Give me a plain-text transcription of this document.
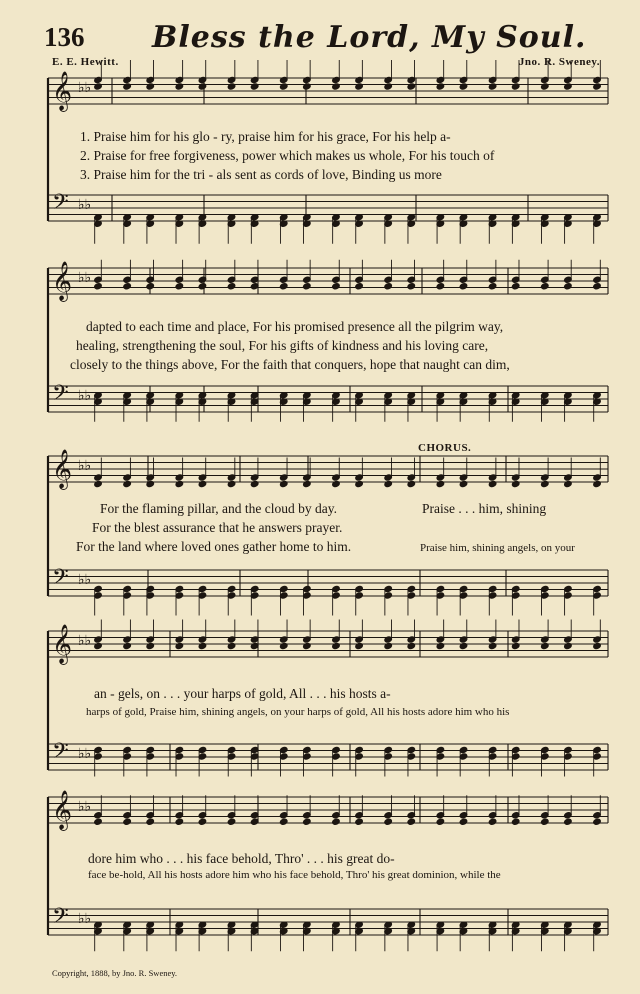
𝄞 ♭♭
𝄢 ♭♭
𝄞 ♭♭
𝄢 ♭♭
𝄞 ♭♭
𝄢 ♭♭
𝄞 ♭♭
𝄢 ♭♭
𝄞 ♭♭
𝄢 ♭♭
136 Bless the Lord, My Soul.
E. E. Hewitt.	Jno. R. Sweney.
1. Praise him for his glo - ry, praise him for his grace, For his help a-
2. Praise for free forgiveness, power which makes us whole, For his touch of
3. Praise him for the tri - als sent as cords of love, Binding us more
dapted to each time and place, For his promised presence all the pilgrim way,
healing, strengthening the soul, For his gifts of kindness and his loving care,
closely to the things above, For the faith that conquers, hope that naught can dim,
CHORUS.
For the flaming pillar, and the cloud by day.
For the blest assurance that he answers prayer.
For the land where loved ones gather home to him.
Praise . . . him, shining
Praise him, shining angels, on your
an - gels, on . . . your harps of gold, All . . . his hosts a-
harps of gold, Praise him, shining angels, on your harps of gold, All his hosts adore him who his
dore him who . . . his face behold, Thro' . . . his great do-
face be-hold, All his hosts adore him who his face behold, Thro' his great dominion, while the
Copyright, 1888, by Jno. R. Sweney.
